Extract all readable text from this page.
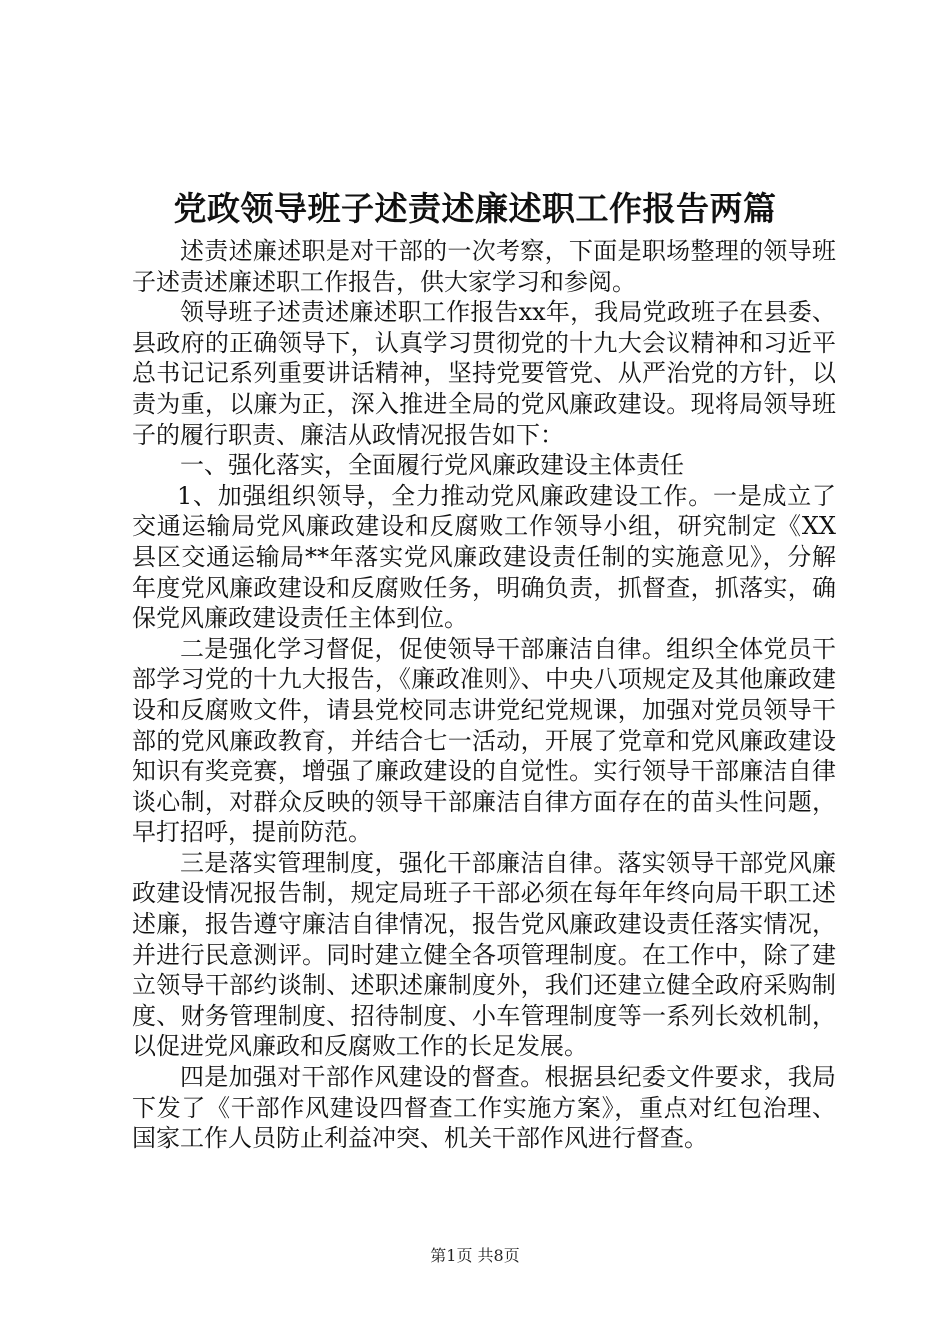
党政领导班子述责述廉述职工作报告两篇

述责述廉述职是对干部的一次考察，下面是职场整理的领导班子述责述廉述职工作报告，供大家学习和参阅。

领导班子述责述廉述职工作报告xx年，我局党政班子在县委、县政府的正确领导下，认真学习贯彻党的十九大会议精神和习近平总书记记系列重要讲话精神，坚持党要管党、从严治党的方针，以责为重，以廉为正，深入推进全局的党风廉政建设。现将局领导班子的履行职责、廉洁从政情况报告如下：

一、强化落实，全面履行党风廉政建设主体责任

1、加强组织领导，全力推动党风廉政建设工作。一是成立了交通运输局党风廉政建设和反腐败工作领导小组，研究制定《XX县区交通运输局**年落实党风廉政建设责任制的实施意见》，分解年度党风廉政建设和反腐败任务，明确负责，抓督查，抓落实，确保党风廉政建设责任主体到位。

二是强化学习督促，促使领导干部廉洁自律。组织全体党员干部学习党的十九大报告，《廉政准则》、中央八项规定及其他廉政建设和反腐败文件，请县党校同志讲党纪党规课，加强对党员领导干部的党风廉政教育，并结合七一活动，开展了党章和党风廉政建设知识有奖竞赛，增强了廉政建设的自觉性。实行领导干部廉洁自律谈心制，对群众反映的领导干部廉洁自律方面存在的苗头性问题，早打招呼，提前防范。

三是落实管理制度，强化干部廉洁自律。落实领导干部党风廉政建设情况报告制，规定局班子干部必须在每年年终向局干职工述述廉，报告遵守廉洁自律情况，报告党风廉政建设责任落实情况，并进行民意测评。同时建立健全各项管理制度。在工作中，除了建立领导干部约谈制、述职述廉制度外，我们还建立健全政府采购制度、财务管理制度、招待制度、小车管理制度等一系列长效机制，以促进党风廉政和反腐败工作的长足发展。

四是加强对干部作风建设的督查。根据县纪委文件要求，我局下发了《干部作风建设四督查工作实施方案》，重点对红包治理、国家工作人员防止利益冲突、机关干部作风进行督查。

第1页 共8页
